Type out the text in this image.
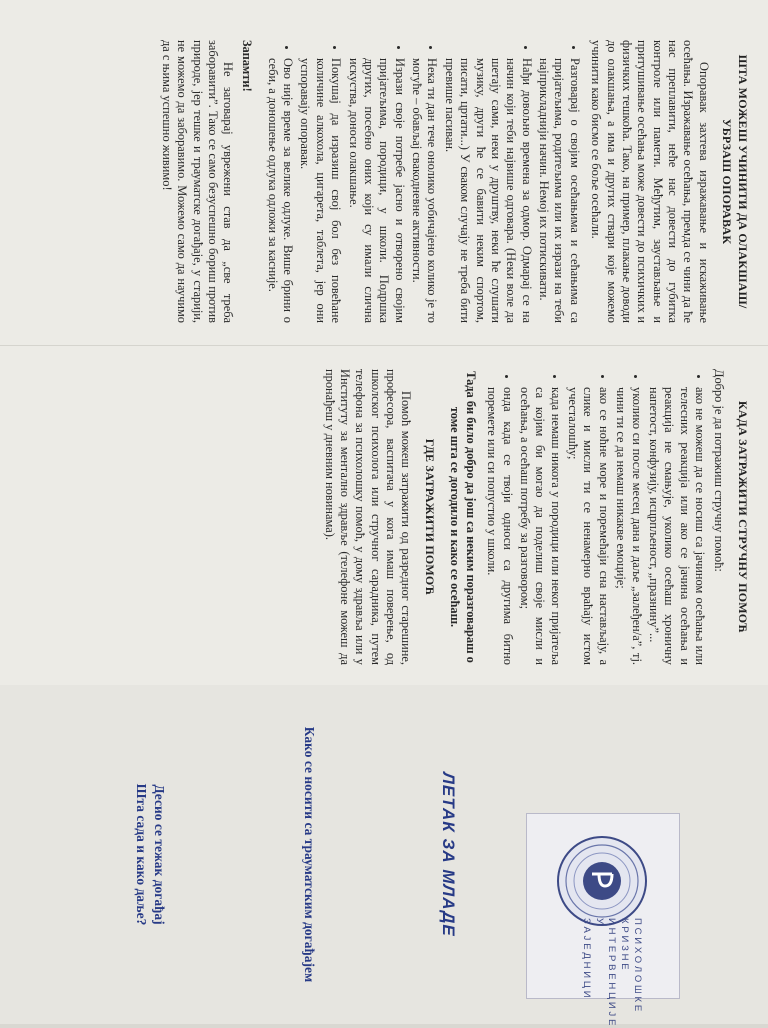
ШТА МОЖЕШ УЧИНИТИ ДА ОЛАКШАШ/УБРЗАШ ОПОРАВАК

Опоравак захтева изражавање и искаживање осећања. Изражавање осећања, премда се чини да ће нас преплавити, неће нас довести до губитка контроле или памети. Међутим, заустављање и притушивање осећања може довести до психичких и физичких тешкоћа. Тако, на пример, плакање доводи до олакшања, а има и других ствари које можемо учинити како бисмо се боље осећали.

• Разговарај о својим осећањима и сећањима са пријатељима, родитељима или их изрази на теби најприкладнији начин. Немој их потискивати.
• Нађи довољно времена за одмор. Одмарај се на начин који теби највише одговара. (Неки воле да шетају сами, неки у друштву, неки ће слушати музику, други ће се бавити неким спортом, писати, цртати...) У сваком случају не треба бити превише пасиван.
• Нека ти дан тече онолико уобичајено колико је то могуће – обављај свакодневне активности.
• Изрази своје потребе јасно и отворено својим пријатељима, породици, у школи. Подршка других, посебно оних који су имали слична искуства, доноси олакшање.
• Покушај да изразиш свој бол без повећане количине алкохола, цигарета, таблета, јер они успоравају опоравак.
• Ово није време за велике одлуке. Више брини о себи, а доношење одлука одложи за касније.
Запамти!

Не заговарај уврежени став да „све треба заборавити”. Тако се само безуспешно бориш против природе, јер тешке и трауматске догађаје, у старији, не можемо да заборавимо. Можемо само да научимо да с њима успешно живимо!

КАДА ЗАТРАЖИТИ СТРУЧНУ ПОМОЋ
Добро је да потражиш стручну помоћ:
• ако не можеш да се носиш са јачином осећања или телесних реакција или ако се јачина осећања и реакција не смањује, уколико осећаш хроничну напетост, конфузију, исцрпљеност, „празнину”...
• уколико си после месец дана и даље „залеђен/а”, тј. чини ти се да немаш никакве емоције;
• ако се ноћне море и поремећаји сна настављају, а слике и мисли ти се ненамерно враћају истом учесталошћу;
• када немаш никога у породици или неког пријатеља са којим би могао да поделиш своје мисли и осећања, а осећаш потребу за разговором;
• онда када се твоји односи са другима битно поремете или си попустио у школи.

Тада би било добро да још са неким поразговараш о томе шта се догодило и како се осећаш.

ГДЕ ЗАТРАЖИТИ ПОМОЋ

Помоћ можеш затражити од разредног старешине, професора, васпитача у кога имаш поверење, од школског психолога или стручног сарадника, путем телефона за психолошку помоћ, у дому здравља или у Институту за ментално здравље (телефоне можеш да пронађеш у дневним новинама).

ПСИХОЛОШКЕ
КРИЗНЕ
ИНТЕРВЕНЦИЈЕ
У ЗАЈЕДНИЦИ
ЛЕТАК ЗА МЛАДЕ
Како се носити са трауматским догађајем
Десио се тежак догађај
Шта сада и како даље?
